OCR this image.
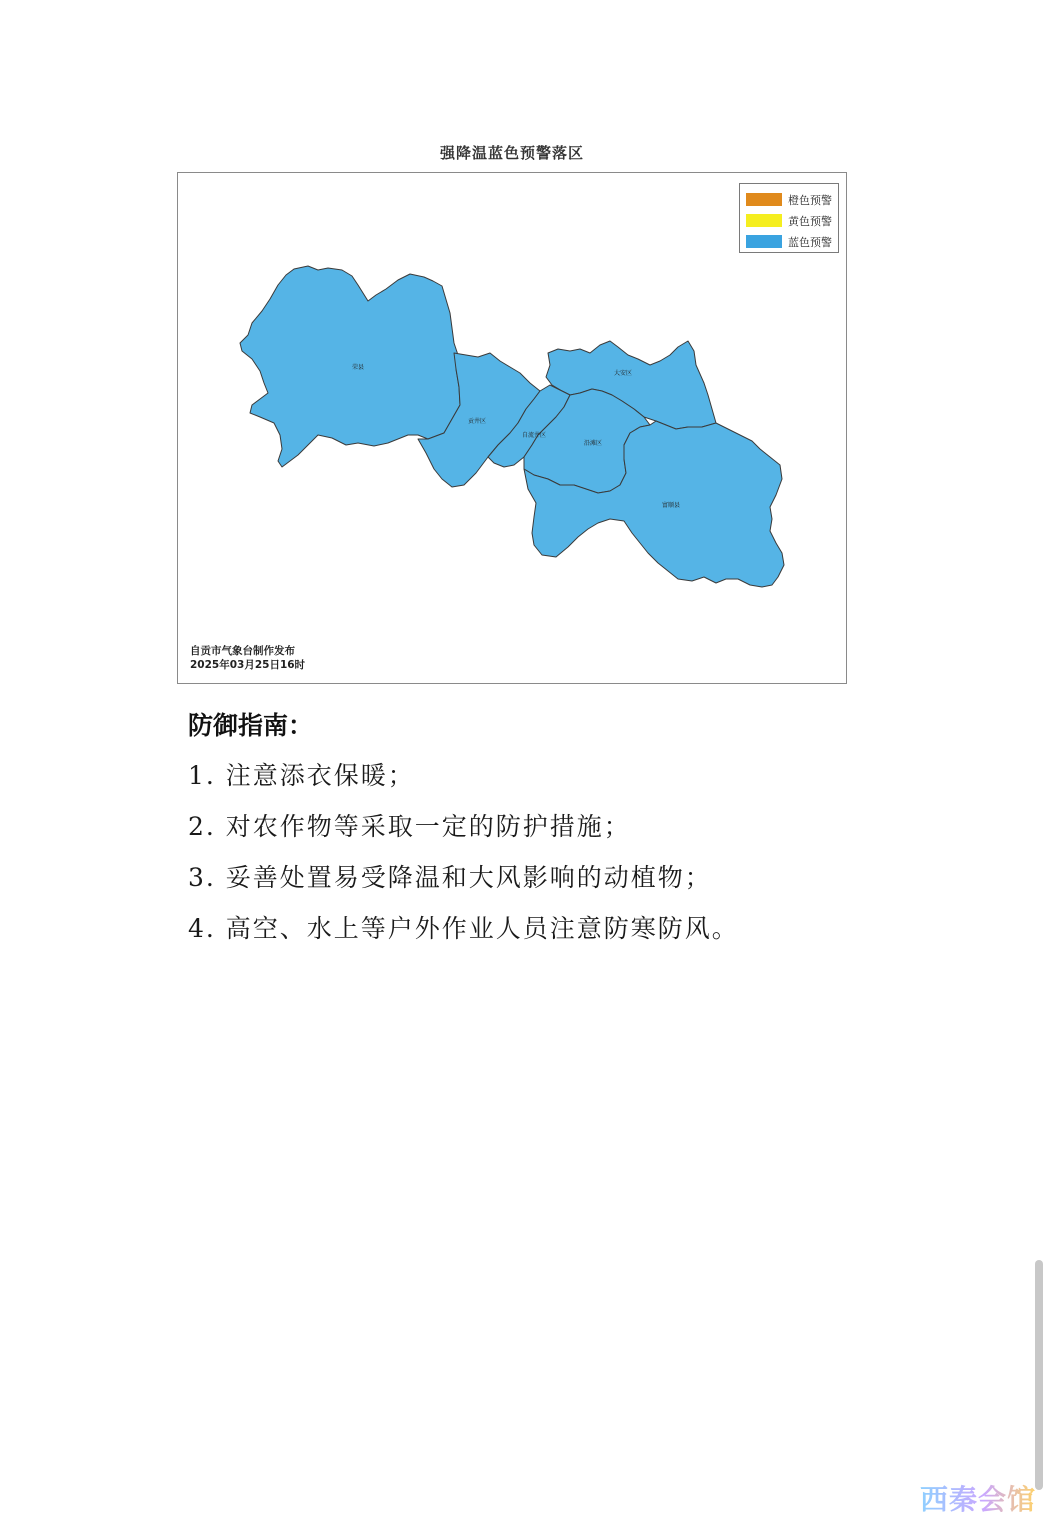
强降温蓝色预警落区
荣县
贡井区
大安区
自流井区
沿滩区
富顺县
橙色预警
黄色预警
蓝色预警
自贡市气象台制作发布
2025年03月25日16时
防御指南：
1. 注意添衣保暖；
2. 对农作物等采取一定的防护措施；
3. 妥善处置易受降温和大风影响的动植物；
4. 高空、水上等户外作业人员注意防寒防风。
西秦会馆
